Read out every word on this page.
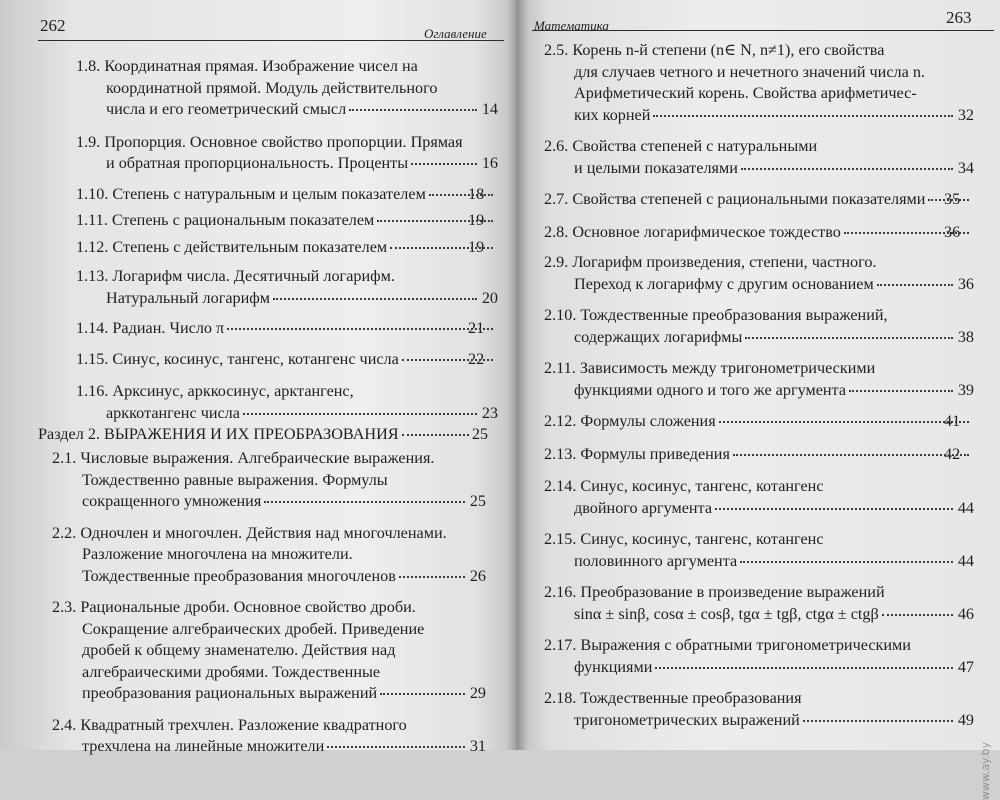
262	Оглавление
1.8. Координатная прямая. Изображение чисел на
координатной прямой. Модуль действительного
числа и его геометрический смысл	14
1.9. Пропорция. Основное свойство пропорции. Прямая
и обратная пропорциональность. Проценты	16
1.10. Степень с натуральным и целым показателем	18
1.11. Степень с рациональным показателем	19
1.12. Степень с действительным показателем	19
1.13. Логарифм числа. Десятичный логарифм.
Натуральный логарифм	20
1.14. Радиан. Число π	21
1.15. Синус, косинус, тангенс, котангенс числа	22
1.16. Арксинус, арккосинус, арктангенс,
арккотангенс числа	23
Раздел 2. ВЫРАЖЕНИЯ И ИХ ПРЕОБРАЗОВАНИЯ	25
2.1. Числовые выражения. Алгебраические выражения.
Тождественно равные выражения. Формулы
сокращенного умножения	25
2.2. Одночлен и многочлен. Действия над многочленами.
Разложение многочлена на множители.
Тождественные преобразования многочленов	26
2.3. Рациональные дроби. Основное свойство дроби.
Сокращение алгебраических дробей. Приведение
дробей к общему знаменателю. Действия над
алгебраическими дробями. Тождественные
преобразования рациональных выражений	29
2.4. Квадратный трехчлен. Разложение квадратного
трехчлена на линейные множители	31
Математика	263
2.5. Корень n-й степени (n∈ N, n≠1), его свойства
для случаев четного и нечетного значений числа n.
Арифметический корень. Свойства арифметичес-
ких корней	32
2.6. Свойства степеней с натуральными
и целыми показателями	34
2.7. Свойства степеней с рациональными показателями 35
2.8. Основное логарифмическое тождество	36
2.9. Логарифм произведения, степени, частного.
Переход к логарифму с другим основанием	36
2.10. Тождественные преобразования выражений,
содержащих логарифмы	38
2.11. Зависимость между тригонометрическими
функциями одного и того же аргумента	39
2.12. Формулы сложения	41
2.13. Формулы приведения	42
2.14. Синус, косинус, тангенс, котангенс
двойного аргумента	44
2.15. Синус, косинус, тангенс, котангенс
половинного аргумента	44
2.16. Преобразование в произведение выражений
sinα ± sinβ, cosα ± cosβ, tgα ± tgβ, ctgα ± ctgβ	46
2.17. Выражения с обратными тригонометрическими
функциями	47
2.18. Тождественные преобразования
тригонометрических выражений	49
www.ay.by
